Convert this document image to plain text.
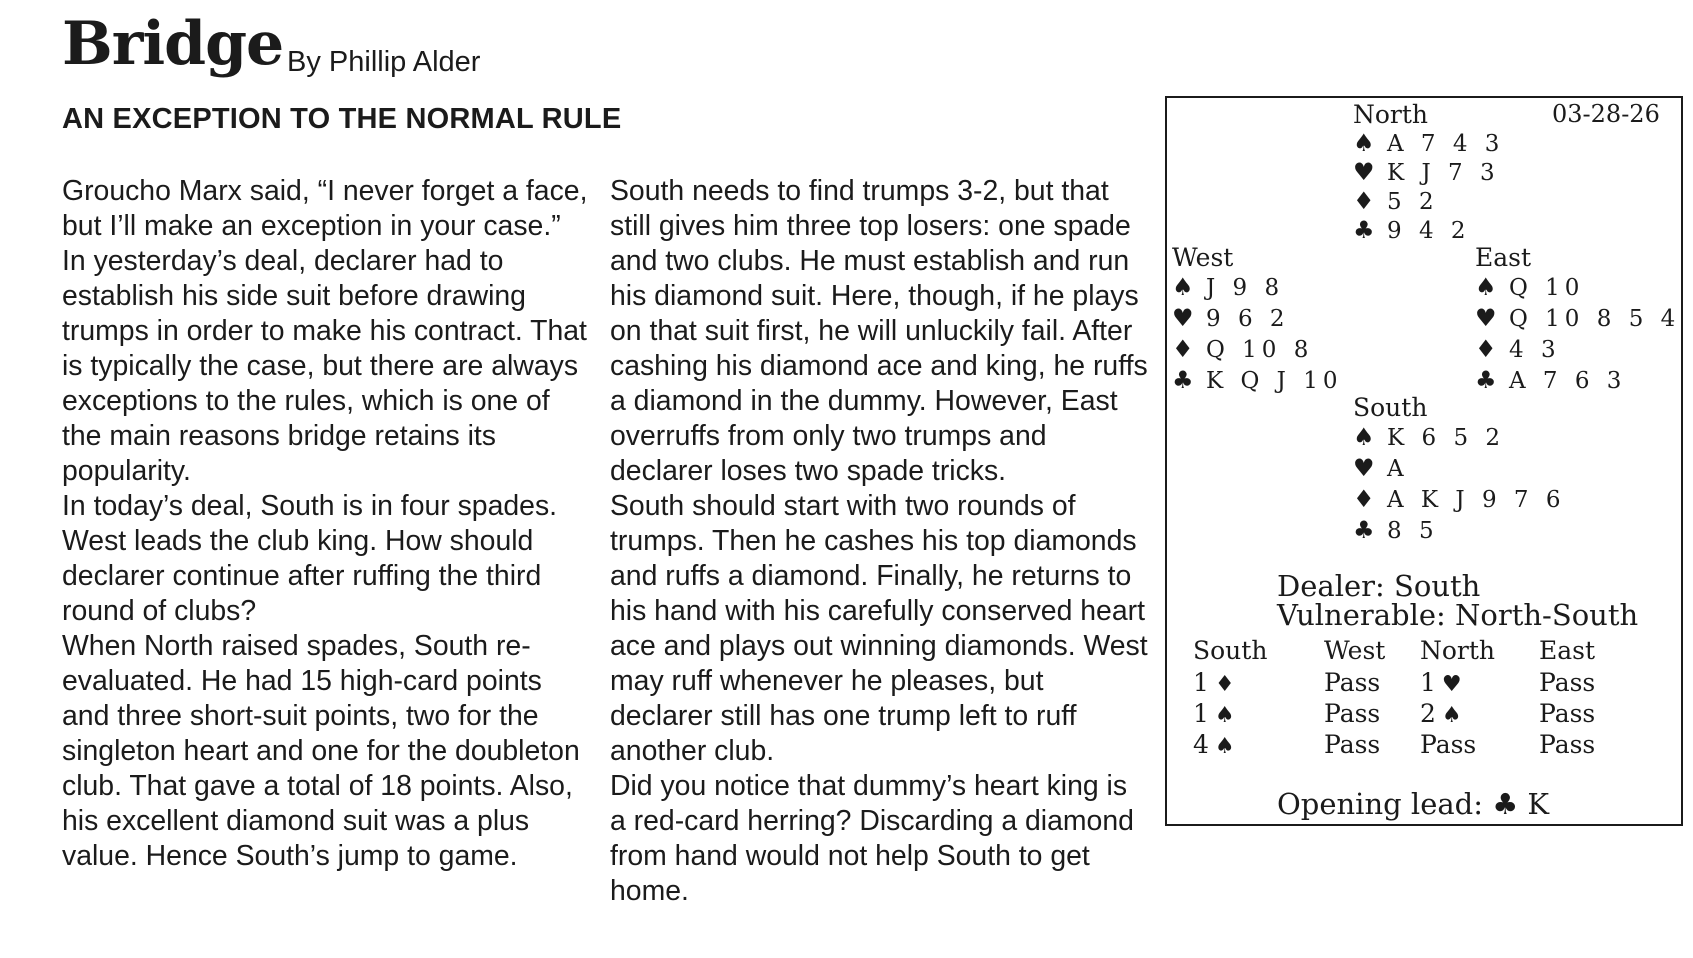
Bridge By Phillip Alder
AN EXCEPTION TO THE NORMAL RULE

Groucho Marx said, “I never forget a face, but I’ll make an exception in your case.”

In yesterday’s deal, declarer had to establish his side suit before drawing trumps in order to make his contract. That is typically the case, but there are always exceptions to the rules, which is one of the main reasons bridge retains its popularity.

In today’s deal, South is in four spades. West leads the club king. How should declarer continue after ruffing the third round of clubs?

When North raised spades, South re-evaluated. He had 15 high-card points and three short-suit points, two for the singleton heart and one for the doubleton club. That gave a total of 18 points. Also, his excellent diamond suit was a plus value. Hence South’s jump to game.

South needs to find trumps 3-2, but that still gives him three top losers: one spade and two clubs. He must establish and run his diamond suit. Here, though, if he plays on that suit first, he will unluckily fail. After cashing his diamond ace and king, he ruffs a diamond in the dummy. However, East overruffs from only two trumps and declarer loses two spade tricks.

South should start with two rounds of trumps. Then he cashes his top diamonds and ruffs a diamond. Finally, he returns to his hand with his carefully conserved heart ace and plays out winning diamonds. West may ruff whenever he pleases, but declarer still has one trump left to ruff another club.

Did you notice that dummy’s heart king is a red-card herring? Discarding a diamond from hand would not help South to get home.

03-28-26
North
♠ A 7 4 3
♥ K J 7 3
♦ 5 2
♣ 9 4 2
West
♠ J 9 8
♥ 9 6 2
♦ Q 10 8
♣ K Q J 10
East
♠ Q 10
♥ Q 10 8 5 4
♦ 4 3
♣ A 7 6 3
South
♠ K 6 5 2
♥ A
♦ A K J 9 7 6
♣ 8 5
Dealer: South
Vulnerable: North-South
South West North East
1 ♦	Pass 1 ♥	Pass
1 ♠	Pass 2 ♠	Pass
4 ♠	Pass Pass	Pass
Opening lead: ♣ K
